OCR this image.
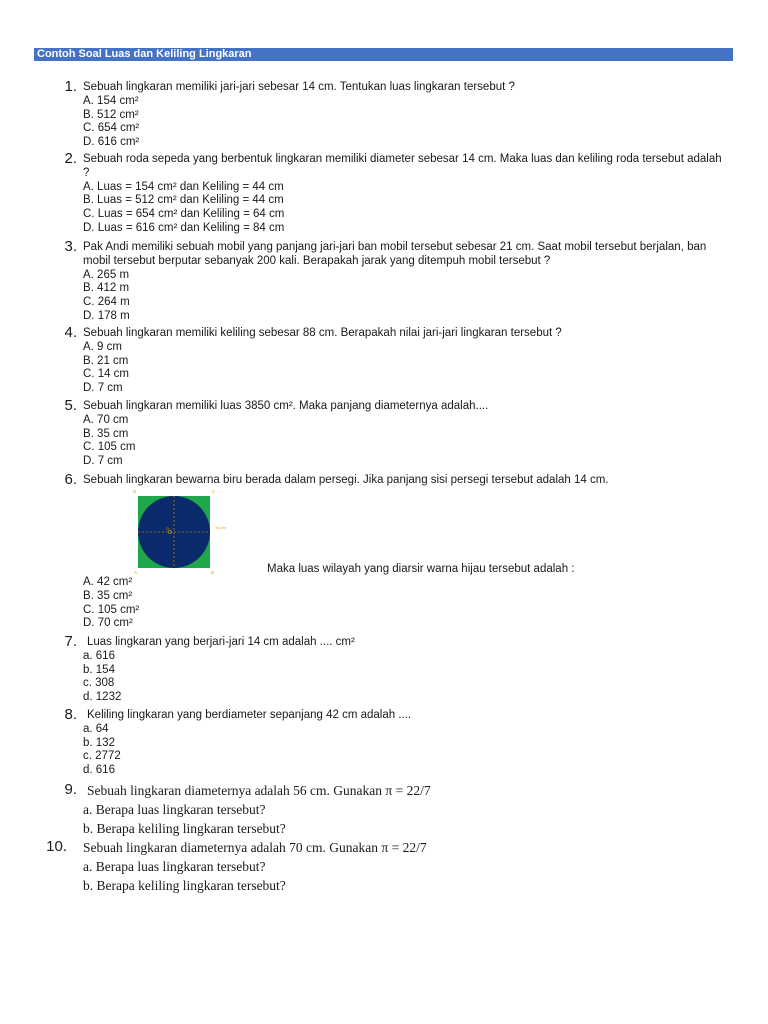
Contoh Soal Luas dan Keliling Lingkaran
1. Sebuah lingkaran memiliki jari-jari sebesar 14 cm. Tentukan luas lingkaran tersebut ?
A. 154 cm²
B. 512 cm²
C. 654 cm²
D. 616 cm²
2. Sebuah roda sepeda yang berbentuk lingkaran memiliki diameter sebesar 14 cm. Maka luas dan keliling roda tersebut adalah ?
A. Luas = 154 cm² dan Keliling = 44 cm
B. Luas = 512 cm² dan Keliling = 44 cm
C. Luas = 654 cm² dan Keliling = 64 cm
D. Luas = 616 cm² dan Keliling = 84 cm
3. Pak Andi memiliki sebuah mobil yang panjang jari-jari ban mobil tersebut sebesar 21 cm. Saat mobil tersebut berjalan, ban mobil tersebut berputar sebanyak 200 kali. Berapakah jarak yang ditempuh mobil tersebut ?
A. 265 m
B. 412 m
C. 264 m
D. 178 m
4. Sebuah lingkaran memiliki keliling sebesar 88 cm. Berapakah nilai jari-jari lingkaran tersebut ?
A. 9 cm
B. 21 cm
C. 14 cm
D. 7 cm
5. Sebuah lingkaran memiliki luas 3850 cm². Maka panjang diameternya adalah....
A. 70 cm
B. 35 cm
C. 105 cm
D. 7 cm
6. Sebuah lingkaran bewarna biru berada dalam persegi. Jika panjang sisi persegi tersebut adalah 14 cm.
D	C
A	B
O	14 cm
Maka luas wilayah yang diarsir warna hijau tersebut adalah :
A. 42 cm²
B. 35 cm²
C. 105 cm²
D. 70 cm²
7. Luas lingkaran yang berjari-jari 14 cm adalah .... cm²
a. 616
b. 154
c. 308
d. 1232
8. Keliling lingkaran yang berdiameter sepanjang 42 cm adalah ....
a. 64
b. 132
c. 2772
d. 616
9. Sebuah lingkaran diameternya adalah 56 cm. Gunakan π = 22/7
a. Berapa luas lingkaran tersebut?
b. Berapa keliling lingkaran tersebut?
10. Sebuah lingkaran diameternya adalah 70 cm. Gunakan π = 22/7
a. Berapa luas lingkaran tersebut?
b. Berapa keliling lingkaran tersebut?
